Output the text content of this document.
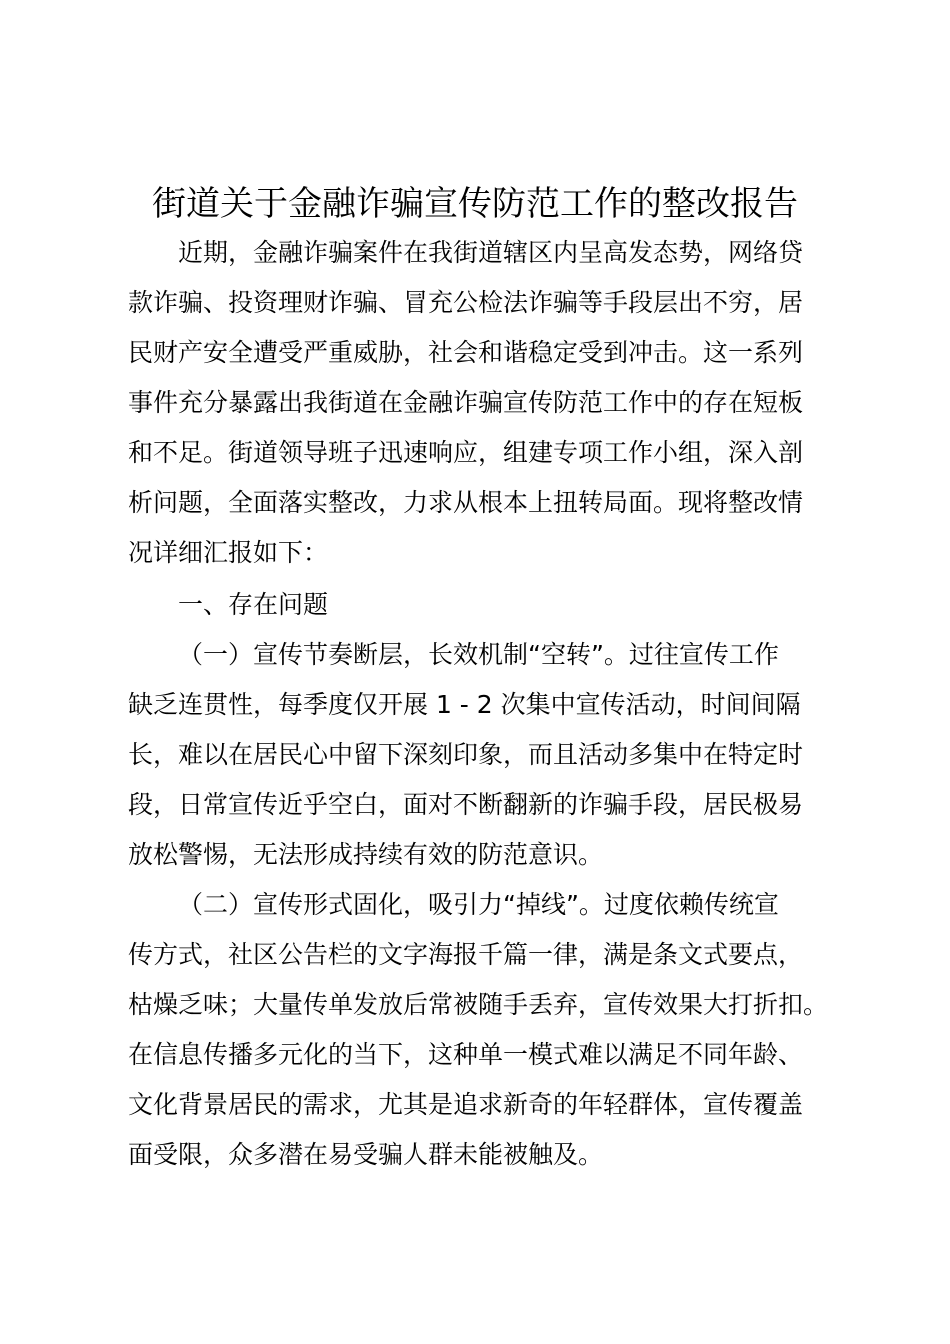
街道关于金融诈骗宣传防范工作的整改报告
近期，金融诈骗案件在我街道辖区内呈高发态势，网络贷
款诈骗、投资理财诈骗、冒充公检法诈骗等手段层出不穷，居
民财产安全遭受严重威胁，社会和谐稳定受到冲击。这一系列
事件充分暴露出我街道在金融诈骗宣传防范工作中的存在短板
和不足。街道领导班子迅速响应，组建专项工作小组，深入剖
析问题，全面落实整改，力求从根本上扭转局面。现将整改情
况详细汇报如下：
一、存在问题
（一）宣传节奏断层，长效机制“空转”。过往宣传工作
缺乏连贯性，每季度仅开展 1 - 2 次集中宣传活动，时间间隔
长，难以在居民心中留下深刻印象，而且活动多集中在特定时
段，日常宣传近乎空白，面对不断翻新的诈骗手段，居民极易
放松警惕，无法形成持续有效的防范意识。
（二）宣传形式固化，吸引力“掉线”。过度依赖传统宣
传方式，社区公告栏的文字海报千篇一律，满是条文式要点，
枯燥乏味；大量传单发放后常被随手丢弃，宣传效果大打折扣。
在信息传播多元化的当下，这种单一模式难以满足不同年龄、
文化背景居民的需求，尤其是追求新奇的年轻群体，宣传覆盖
面受限，众多潜在易受骗人群未能被触及。
